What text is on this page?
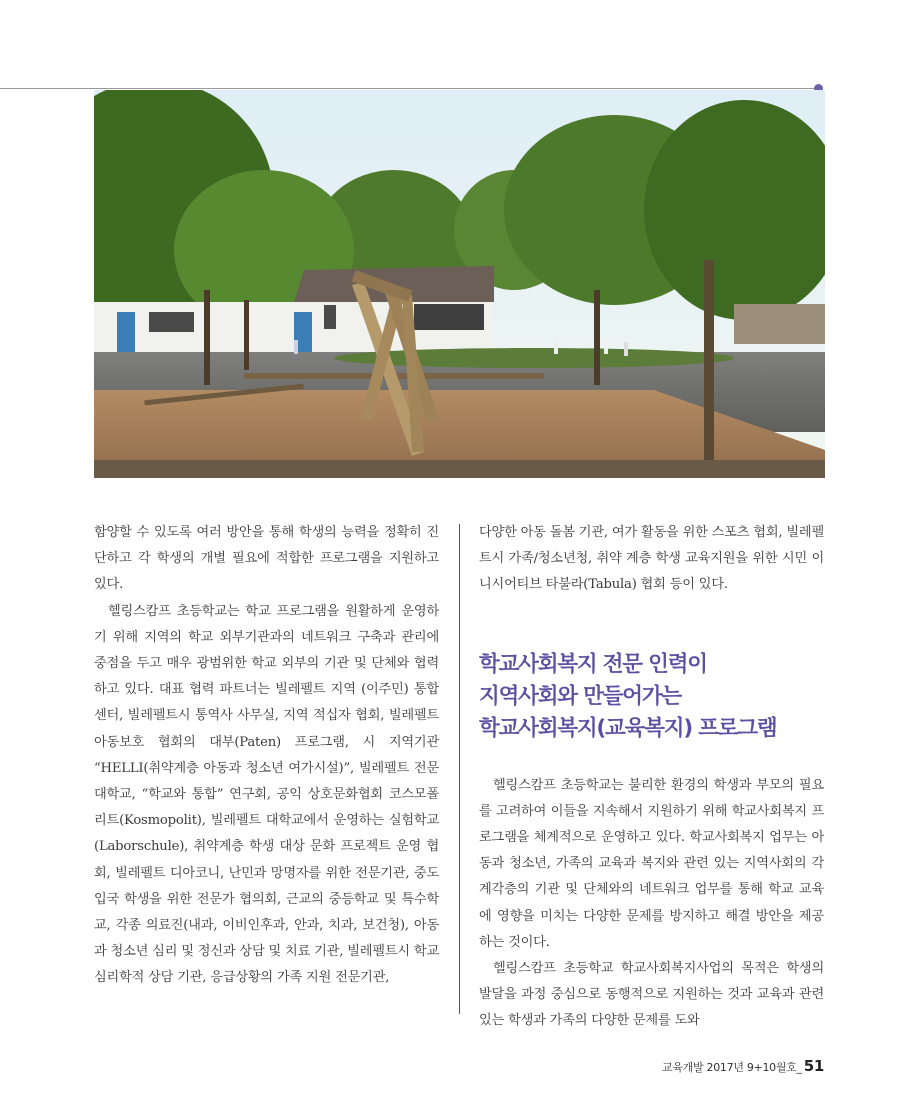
함양할 수 있도록 여러 방안을 통해 학생의 능력을 정확히 진단하고 각 학생의 개별 필요에 적합한 프로그램을 지원하고 있다.

헬링스캄프 초등학교는 학교 프로그램을 원활하게 운영하기 위해 지역의 학교 외부기관과의 네트워크 구축과 관리에 중점을 두고 매우 광범위한 학교 외부의 기관 및 단체와 협력하고 있다. 대표 협력 파트너는 빌레펠트 지역 (이주민) 통합센터, 빌레펠트시 통역사 사무실, 지역 적십자 협회, 빌레펠트 아동보호 협회의 대부(Paten) 프로그램, 시 지역기관 “HELLI(취약계층 아동과 청소년 여가시설)”, 빌레펠트 전문대학교, “학교와 통합” 연구회, 공익 상호문화협회 코스모폴리트(Kosmopolit), 빌레펠트 대학교에서 운영하는 실험학교(Laborschule), 취약계층 학생 대상 문화 프로젝트 운영 협회, 빌레펠트 디아코니, 난민과 망명자를 위한 전문기관, 중도입국 학생을 위한 전문가 협의회, 근교의 중등학교 및 특수학교, 각종 의료진(내과, 이비인후과, 안과, 치과, 보건청), 아동과 청소년 심리 및 정신과 상담 및 치료 기관, 빌레펠트시 학교심리학적 상담 기관, 응급상황의 가족 지원 전문기관,

다양한 아동 돌봄 기관, 여가 활동을 위한 스포츠 협회, 빌레펠트시 가족/청소년청, 취약 계층 학생 교육지원을 위한 시민 이니시어티브 타불라(Tabula) 협회 등이 있다.

학교사회복지 전문 인력이
지역사회와 만들어가는
학교사회복지(교육복지) 프로그램

헬링스캄프 초등학교는 불리한 환경의 학생과 부모의 필요를 고려하여 이들을 지속해서 지원하기 위해 학교사회복지 프로그램을 체계적으로 운영하고 있다. 학교사회복지 업무는 아동과 청소년, 가족의 교육과 복지와 관련 있는 지역사회의 각계각층의 기관 및 단체와의 네트워크 업무를 통해 학교 교육에 영향을 미치는 다양한 문제를 방지하고 해결 방안을 제공하는 것이다.

헬링스캄프 초등학교 학교사회복지사업의 목적은 학생의 발달을 과정 중심으로 동행적으로 지원하는 것과 교육과 관련 있는 학생과 가족의 다양한 문제를 도와

교육개발 2017년 9+10월호_ 51
